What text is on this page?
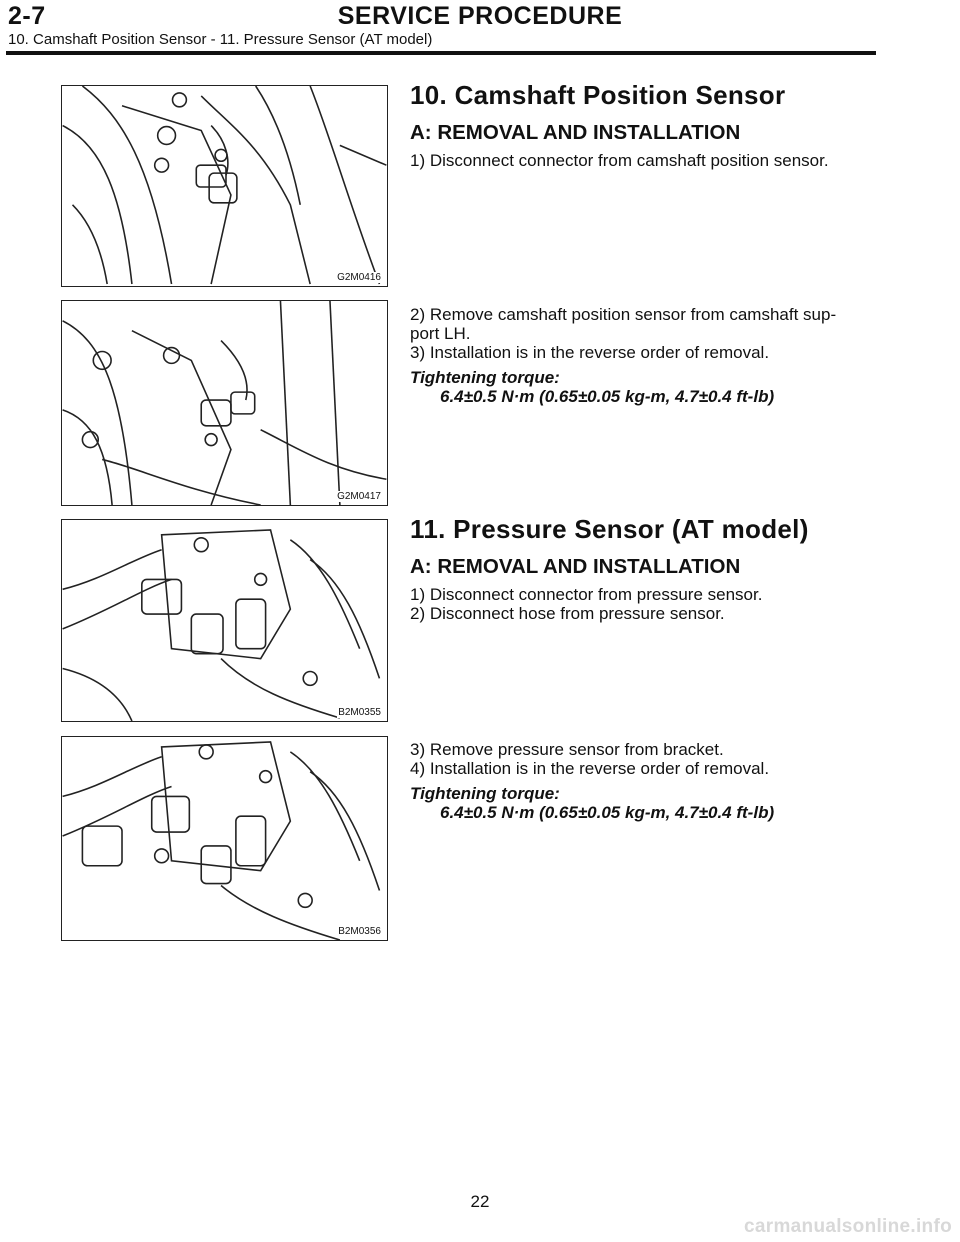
2-7	SERVICE PROCEDURE
10. Camshaft Position Sensor - 11. Pressure Sensor (AT model)
G2M0416
G2M0417
B2M0355
B2M0356
10. Camshaft Position Sensor
A: REMOVAL AND INSTALLATION
1) Disconnect connector from camshaft position sensor.
2) Remove camshaft position sensor from camshaft sup-
port LH.
3) Installation is in the reverse order of removal.
Tightening torque:
6.4±0.5 N·m (0.65±0.05 kg-m, 4.7±0.4 ft-lb)
11. Pressure Sensor (AT model)
A: REMOVAL AND INSTALLATION
1) Disconnect connector from pressure sensor.
2) Disconnect hose from pressure sensor.
3) Remove pressure sensor from bracket.
4) Installation is in the reverse order of removal.
Tightening torque:
6.4±0.5 N·m (0.65±0.05 kg-m, 4.7±0.4 ft-lb)
22
carmanualsonline.info
